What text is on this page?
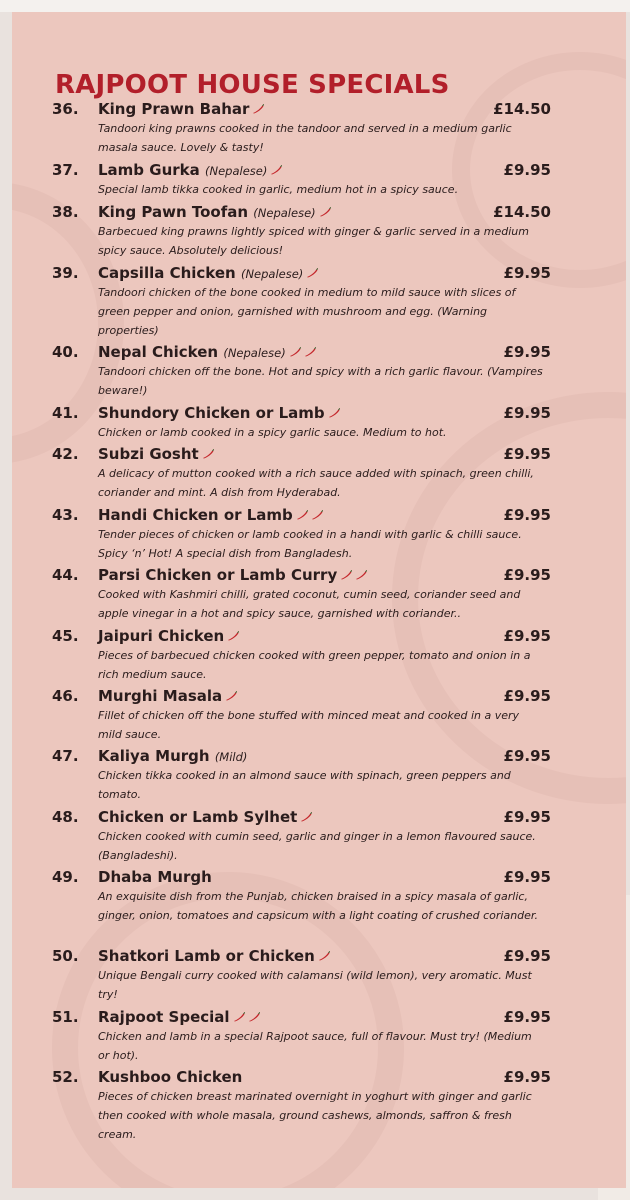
RAJPOOT HOUSE SPECIALS
36. King Prawn Bahar	£14.50

Tandoori king prawns cooked in the tandoor and served in a medium garlic masala sauce. Lovely & tasty!

37. Lamb Gurka (Nepalese)	£9.95

Special lamb tikka cooked in garlic, medium hot in a spicy sauce.

38. King Pawn Toofan (Nepalese)	£14.50

Barbecued king prawns lightly spiced with ginger & garlic served in a medium spicy sauce. Absolutely delicious!

39. Capsilla Chicken (Nepalese)	£9.95

Tandoori chicken of the bone cooked in medium to mild sauce with slices of green pepper and onion, garnished with mushroom and egg. (Warning properties)

40. Nepal Chicken (Nepalese)	£9.95

Tandoori chicken off the bone. Hot and spicy with a rich garlic flavour. (Vampires beware!)

41. Shundory Chicken or Lamb	£9.95

Chicken or lamb cooked in a spicy garlic sauce. Medium to hot.

42. Subzi Gosht	£9.95

A delicacy of mutton cooked with a rich sauce added with spinach, green chilli, coriander and mint. A dish from Hyderabad.

43. Handi Chicken or Lamb	£9.95

Tender pieces of chicken or lamb cooked in a handi with garlic & chilli sauce. Spicy ‘n’ Hot! A special dish from Bangladesh.

44. Parsi Chicken or Lamb Curry	£9.95

Cooked with Kashmiri chilli, grated coconut, cumin seed, coriander seed and apple vinegar in a hot and spicy sauce, garnished with coriander..

45. Jaipuri Chicken	£9.95

Pieces of barbecued chicken cooked with green pepper, tomato and onion in a rich medium sauce.

46. Murghi Masala	£9.95

Fillet of chicken off the bone stuffed with minced meat and cooked in a very mild sauce.

47. Kaliya Murgh (Mild)	£9.95

Chicken tikka cooked in an almond sauce with spinach, green peppers and tomato.

48. Chicken or Lamb Sylhet	£9.95

Chicken cooked with cumin seed, garlic and ginger in a lemon flavoured sauce. (Bangladeshi).

49. Dhaba Murgh	£9.95

An exquisite dish from the Punjab, chicken braised in a spicy masala of garlic, ginger, onion, tomatoes and capsicum with a light coating of crushed coriander.

50. Shatkori Lamb or Chicken	£9.95

Unique Bengali curry cooked with calamansi (wild lemon), very aromatic. Must try!

51. Rajpoot Special	£9.95

Chicken and lamb in a special Rajpoot sauce, full of flavour. Must try! (Medium or hot).

52. Kushboo Chicken	£9.95

Pieces of chicken breast marinated overnight in yoghurt with ginger and garlic then cooked with whole masala, ground cashews, almonds, saffron & fresh cream.
